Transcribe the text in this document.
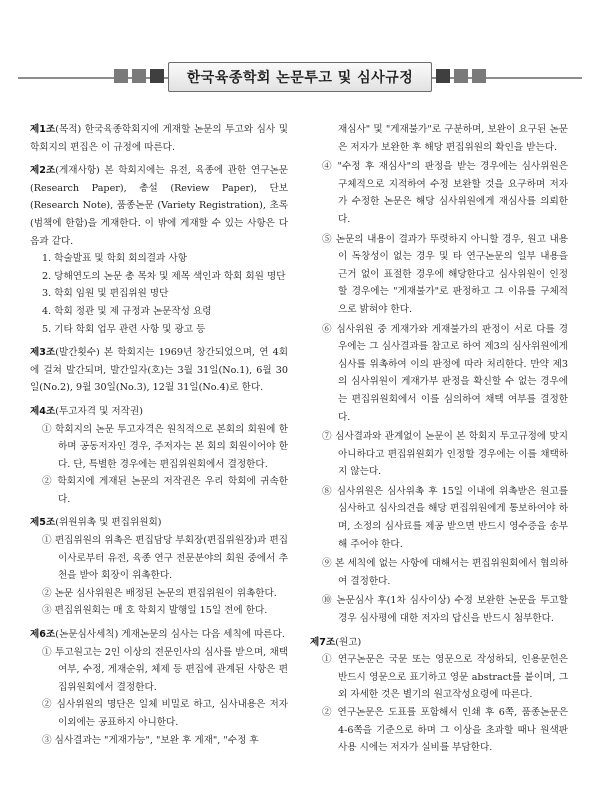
한국육종학회 논문투고 및 심사규정
제1조(목적) 한국육종학회지에 게재할 논문의 투고와 심사 및 학회지의 편집은 이 규정에 따른다.
제2조(게재사항) 본 학회지에는 유전, 육종에 관한 연구논문(Research Paper), 총설 (Review Paper), 단보 (Research Note), 품종논문 (Variety Registration), 초록 (범책에 한함)을 게재한다. 이 밖에 게재할 수 있는 사항은 다음과 같다.
1. 학술발표 및 학회 회의결과 사항
2. 당해연도의 논문 총 목차 및 제목 색인과 학회 회원 명단
3. 학회 임원 및 편집위원 명단
4. 학회 정관 및 제 규정과 논문작성 요령
5. 기타 학회 업무 관련 사항 및 광고 등
제3조(발간횟수) 본 학회지는 1969년 창간되었으며, 연 4회에 걸쳐 발간되며, 발간일자(호)는 3월 31일(No.1), 6월 30일(No.2), 9월 30일(No.3), 12월 31일(No.4)로 한다.
제4조(투고자격 및 저작권)
① 학회지의 논문 투고자격은 원칙적으로 본회의 회원에 한하며 공동저자인 경우, 주저자는 본 회의 회원이어야 한다. 단, 특별한 경우에는 편집위원회에서 결정한다.
② 학회지에 게재된 논문의 저작권은 우리 학회에 귀속한다.
제5조(위원위촉 및 편집위원회)
① 편집위원의 위촉은 편집담당 부회장(편집위원장)과 편집이사로부터 유전, 육종 연구 전문분야의 회원 중에서 추천을 받아 회장이 위촉한다.
② 논문 심사위원은 배정된 논문의 편집위원이 위촉한다.
③ 편집위원회는 매 호 학회지 발행일 15일 전에 한다.
제6조(논문심사세칙) 게재논문의 심사는 다음 세칙에 따른다.
① 투고원고는 2인 이상의 전문인사의 심사를 받으며, 채택여부, 수정, 게재순위, 체제 등 편집에 관계된 사항은 편집위원회에서 결정한다.
② 심사위원의 명단은 일체 비밀로 하고, 심사내용은 저자 이외에는 공표하지 아니한다.
③ 심사결과는 "게재가능", "보완 후 게재", "수정 후
재심사" 및 "게재불가"로 구분하며, 보완이 요구된 논문은 저자가 보완한 후 해당 편집위원의 확인을 받는다.
④ "수정 후 재심사"의 판정을 받는 경우에는 심사위원은 구체적으로 지적하여 수정 보완할 것을 요구하며 저자가 수정한 논문은 해당 심사위원에게 재심사를 의뢰한다.
⑤ 논문의 내용이 결과가 뚜렷하지 아니할 경우, 원고 내용이 독창성이 없는 경우 및 타 연구논문의 일부 내용을 근거 없이 표절한 경우에 해당한다고 심사위원이 인정할 경우에는 "게재불가"로 판정하고 그 이유를 구체적으로 밝혀야 한다.
⑥ 심사위원 중 게재가와 게재불가의 판정이 서로 다를 경우에는 그 심사결과를 참고로 하여 제3의 심사위원에게 심사를 위촉하여 이의 판정에 따라 처리한다. 만약 제3의 심사위원이 게재가부 판정을 확신할 수 없는 경우에는 편집위원회에서 이를 심의하여 채택 여부를 결정한다.
⑦ 심사결과와 관계없이 논문이 본 학회지 투고규정에 맞지 아니하다고 편집위원회가 인정할 경우에는 이를 채택하지 않는다.
⑧ 심사위원은 심사위촉 후 15일 이내에 위촉받은 원고를 심사하고 심사의견을 해당 편집위원에게 통보하여야 하며, 소정의 심사료를 제공 받으면 반드시 영수증을 송부해 주어야 한다.
⑨ 본 세칙에 없는 사항에 대해서는 편집위원회에서 협의하여 결정한다.
⑩ 논문심사 후(1차 심사이상) 수정 보완한 논문을 투고할 경우 심사평에 대한 저자의 답신을 반드시 첨부한다.
제7조(원고)
① 연구논문은 국문 또는 영문으로 작성하되, 인용문헌은 반드시 영문으로 표기하고 영문 abstract를 붙이며, 그 외 자세한 것은 별기의 원고작성요령에 따른다.
② 연구논문은 도표를 포함해서 인쇄 후 6쪽, 품종논문은 4-6쪽을 기준으로 하며 그 이상을 초과할 때나 원색판 사용 시에는 저자가 실비를 부담한다.
